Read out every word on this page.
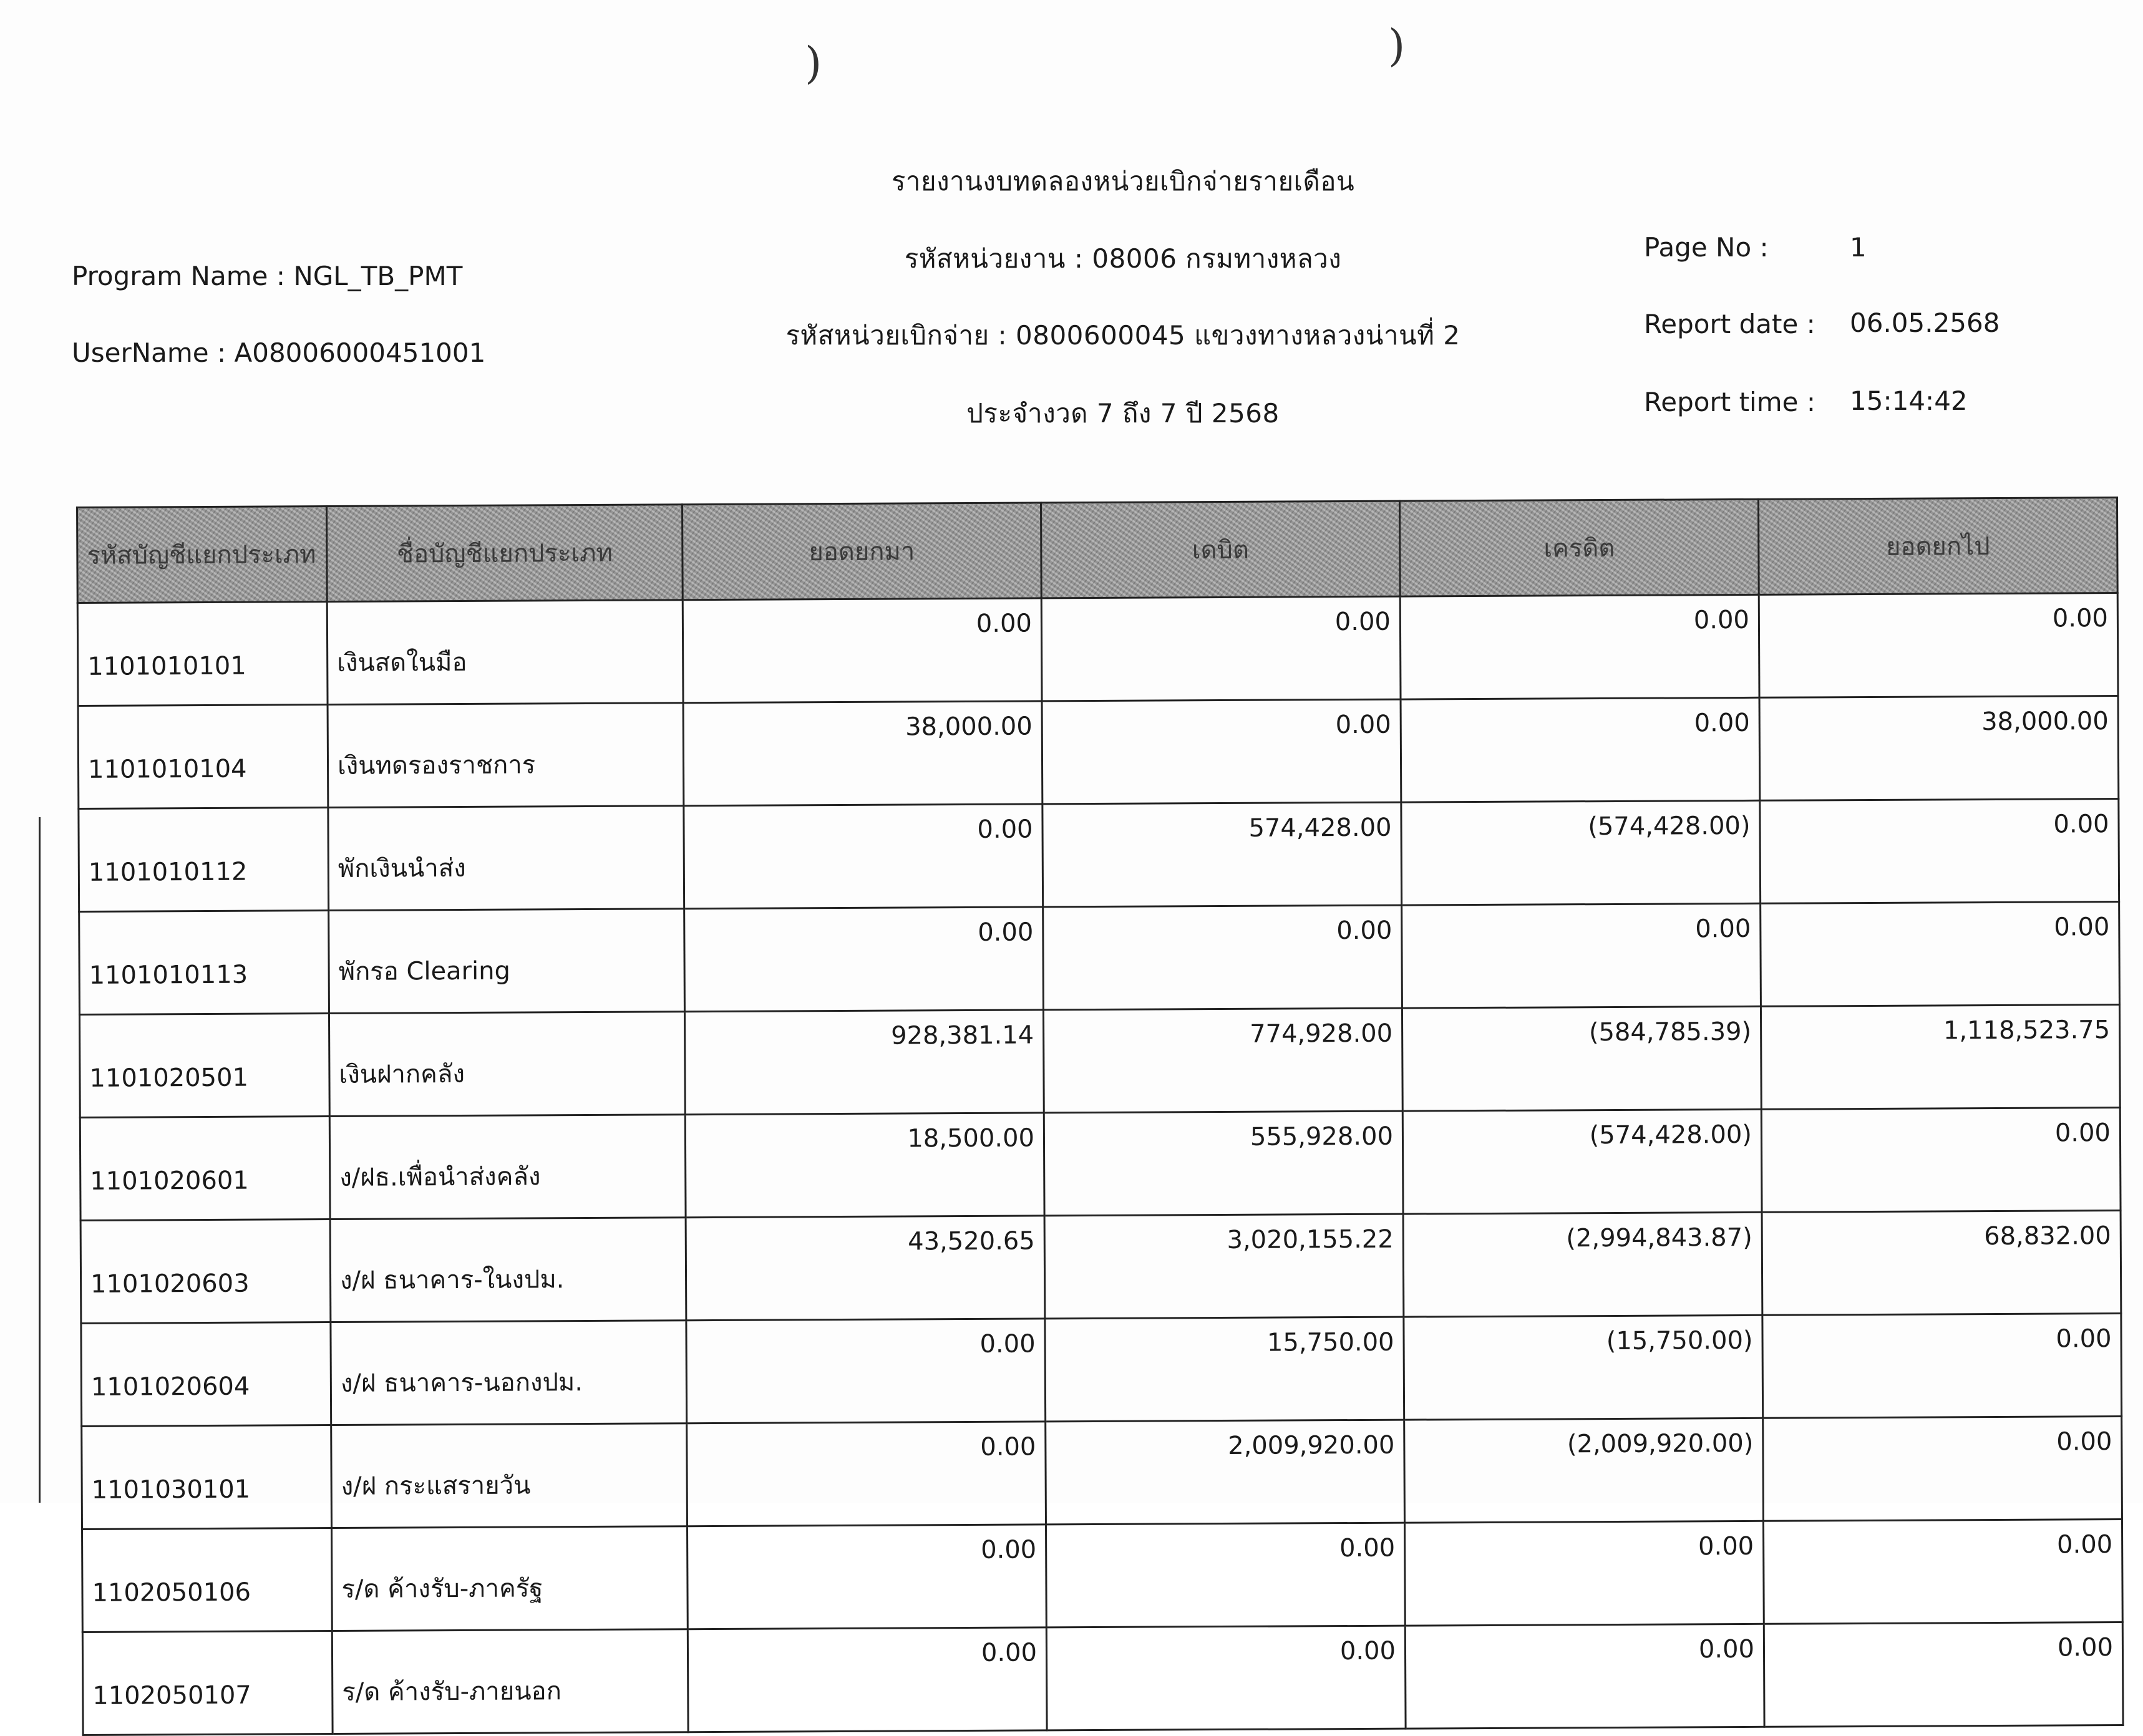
)	)
รายงานงบทดลองหน่วยเบิกจ่ายรายเดือน
รหัสหน่วยงาน : 08006 กรมทางหลวง
รหัสหน่วยเบิกจ่าย : 0800600045 แขวงทางหลวงน่านที่ 2
ประจำงวด 7 ถึง 7 ปี 2568
Program Name : NGL_TB_PMT
UserName : A08006000451001
Page No :	1
Report date : 06.05.2568
Report time : 15:14:42
รหัสบัญชีแยกประเภท	ชื่อบัญชีแยกประเภท	ยอดยกมา	เดบิต	เครดิต	ยอดยกไป
1101010101	เงินสดในมือ	0.00	0.00	0.00	0.00
1101010104	เงินทดรองราชการ	38,000.00	0.00	0.00	38,000.00
1101010112	พักเงินนำส่ง	0.00	574,428.00	(574,428.00)	0.00
1101010113	พักรอ Clearing	0.00	0.00	0.00	0.00
1101020501	เงินฝากคลัง	928,381.14	774,928.00	(584,785.39)	1,118,523.75
1101020601	ง/ฝธ.เพื่อนำส่งคลัง	18,500.00	555,928.00	(574,428.00)	0.00
1101020603	ง/ฝ ธนาคาร-ในงปม.	43,520.65	3,020,155.22	(2,994,843.87)	68,832.00
1101020604	ง/ฝ ธนาคาร-นอกงปม.	0.00	15,750.00	(15,750.00)	0.00
1101030101	ง/ฝ กระแสรายวัน	0.00	2,009,920.00	(2,009,920.00)	0.00
1102050106	ร/ด ค้างรับ-ภาครัฐ	0.00	0.00	0.00	0.00
1102050107	ร/ด ค้างรับ-ภายนอก	0.00	0.00	0.00	0.00
